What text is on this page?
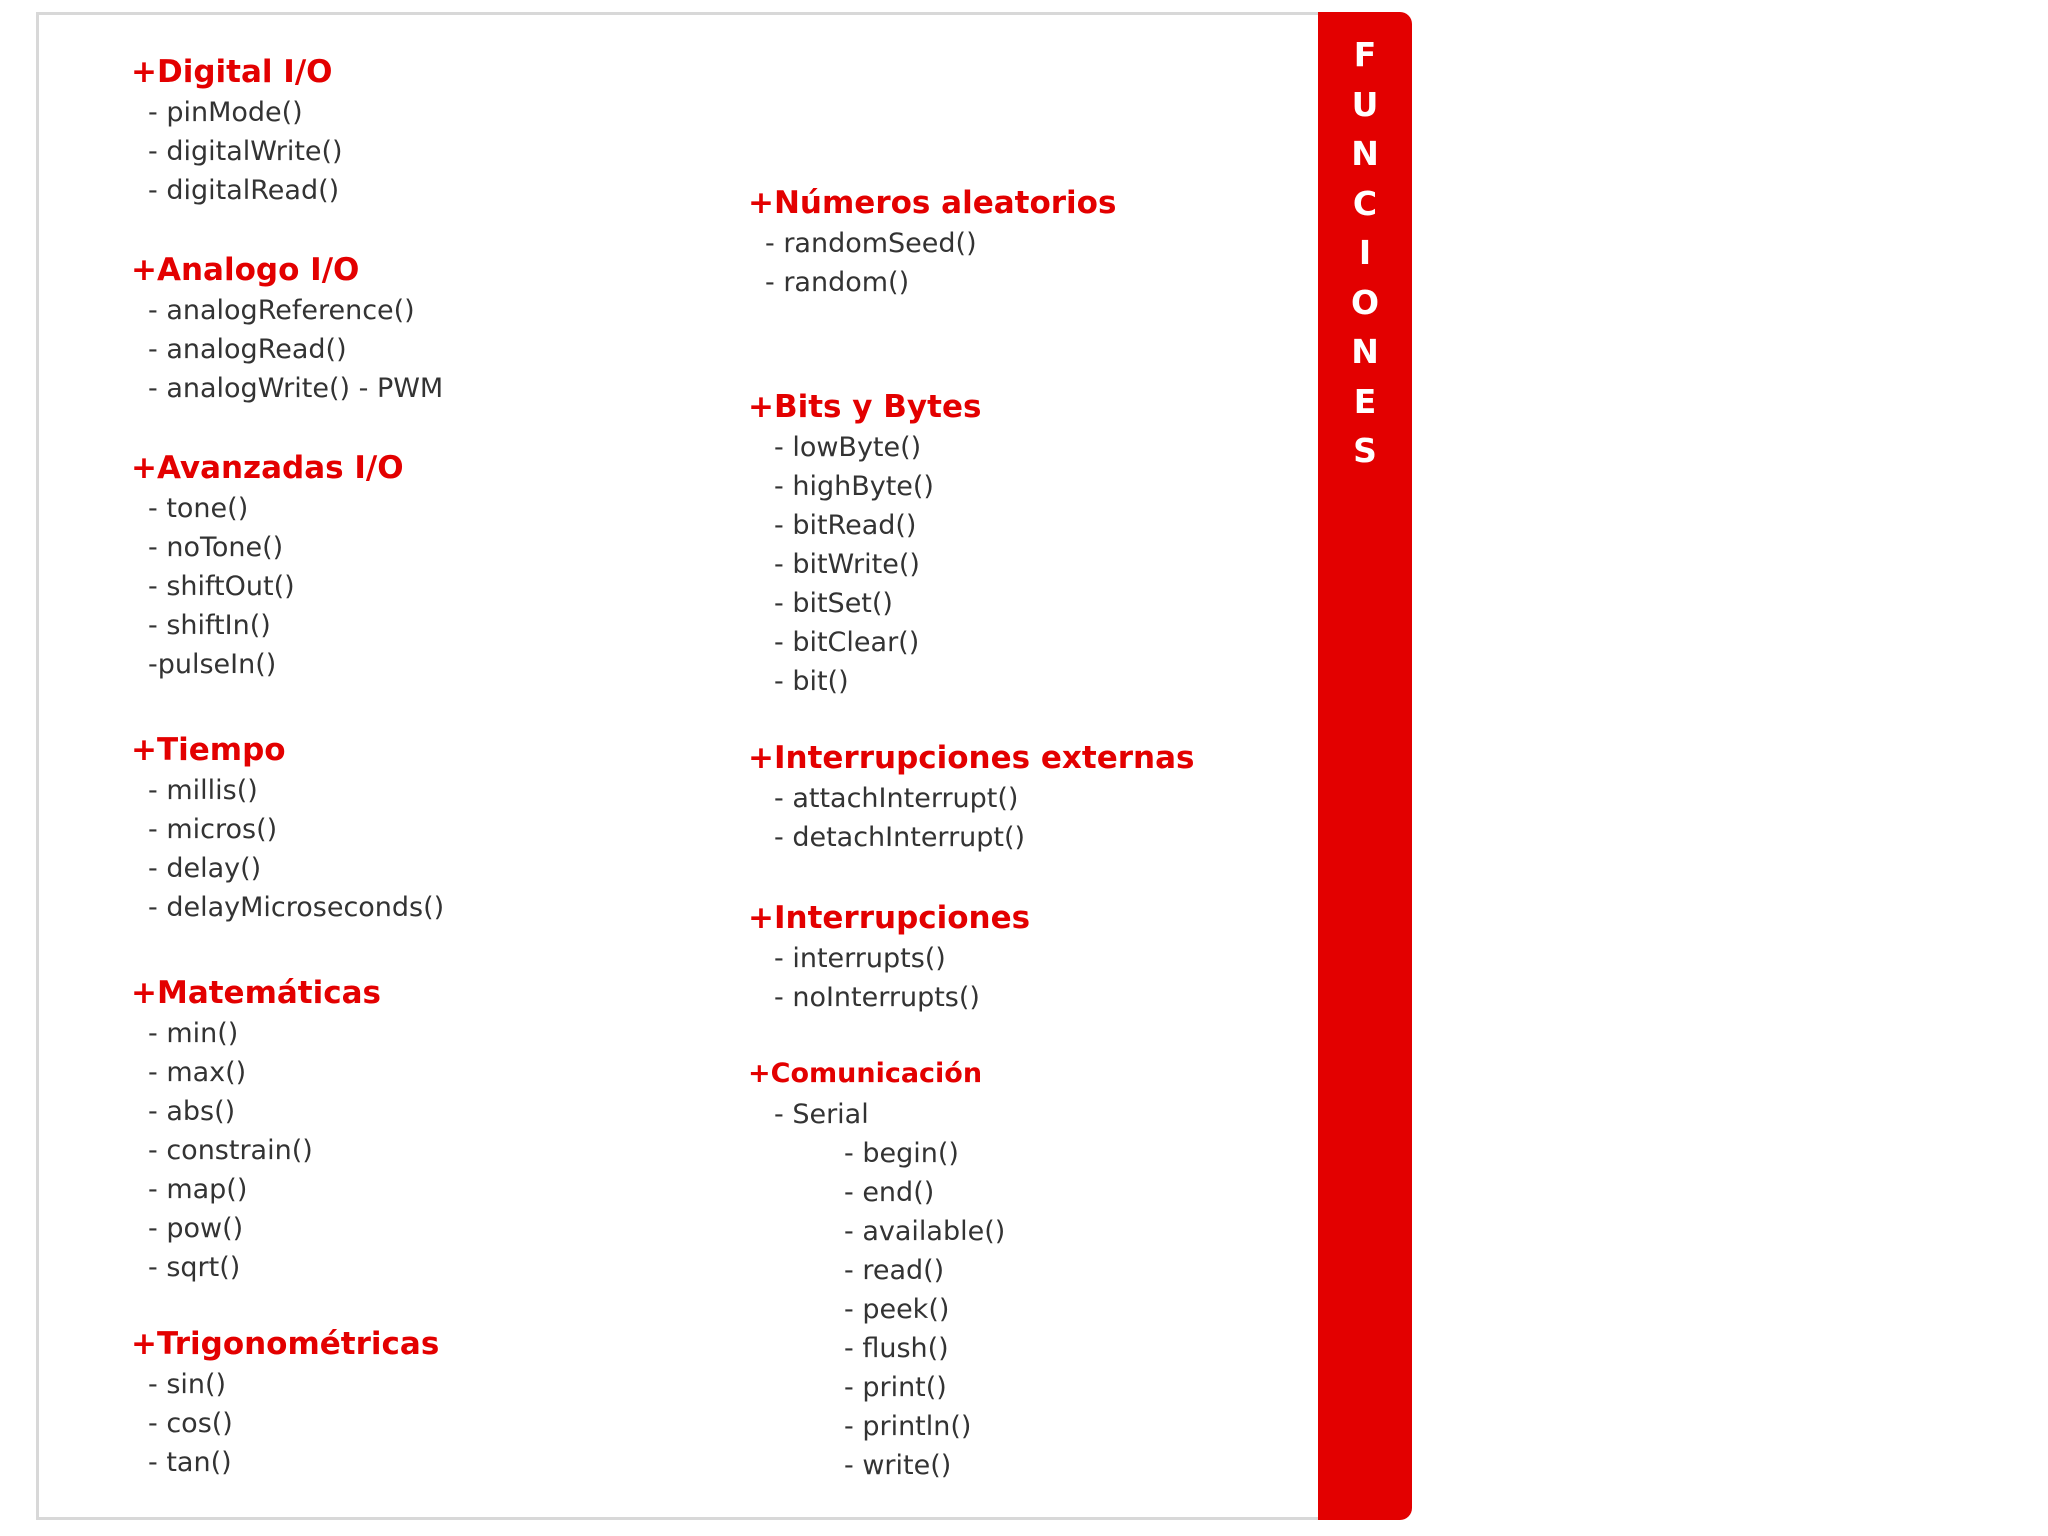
F
U
N
C
I
O
N
E
S
+Digital I/O
- pinMode()
- digitalWrite()
- digitalRead()
+Analogo I/O
- analogReference()
- analogRead()
- analogWrite() - PWM
+Avanzadas I/O
- tone()
- noTone()
- shiftOut()
- shiftIn()
-pulseIn()
+Tiempo
- millis()
- micros()
- delay()
- delayMicroseconds()
+Matemáticas
- min()
- max()
- abs()
- constrain()
- map()
- pow()
- sqrt()
+Trigonométricas
- sin()
- cos()
- tan()
+Números aleatorios
- randomSeed()
- random()
+Bits y Bytes
- lowByte()
- highByte()
- bitRead()
- bitWrite()
- bitSet()
- bitClear()
- bit()
+Interrupciones externas
- attachInterrupt()
- detachInterrupt()
+Interrupciones
- interrupts()
- noInterrupts()
+Comunicación
- Serial
- begin()
- end()
- available()
- read()
- peek()
- flush()
- print()
- println()
- write()
